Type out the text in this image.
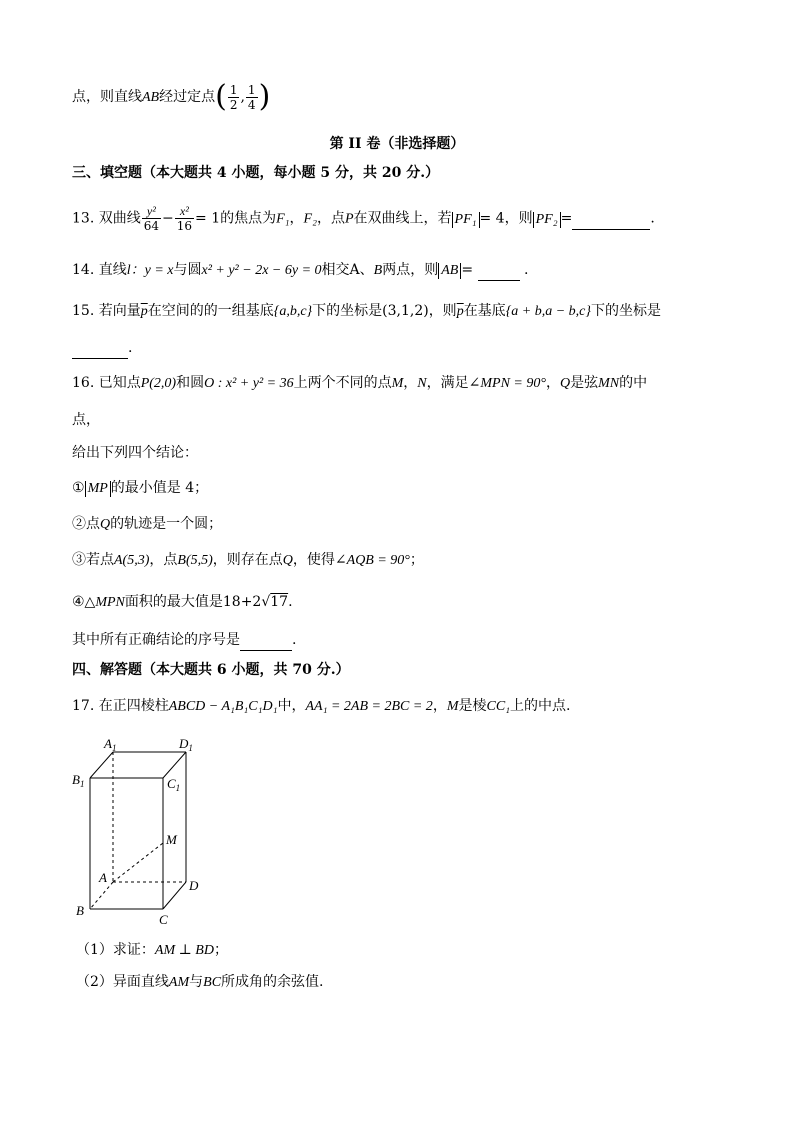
点，则直线AB经过定点( $\frac{1}{2}$ , $\frac{1}{4}$ )
第 II 卷（非选择题）
三、填空题（本大题共 4 小题，每小题 5 分，共 20 分.）
13. 双曲线 $\frac{\text{y²}}{64} - \frac{\text{x²}}{16} = 1$的焦点为F₁，F₂，点P在双曲线上，若 PF₁ = 4，则 PF₂ =	.
14. 直线l：y = x与圆x² + y² − 2x − 6y = 0相交A、B两点，则 AB =	.
15. 若向量$\overline{p}$在空间的的一组基底{a,b,c}下的坐标是(3,1,2)，则$\overline{p}$在基底{a + b,a − b,c}下的坐标是
.
16. 已知点P(2,0)和圆O : x² + y² = 36上两个不同的点M，N，满足∠MPN = 90°，Q是弦MN的中
点，
给出下列四个结论：
① MP 的最小值是 4；
②点Q的轨迹是一个圆；
③若点A(5,3)，点B(5,5)，则存在点Q，使得∠AQB = 90°；
④△MPN面积的最大值是18+2√17.
其中所有正确结论的序号是	.
四、解答题（本大题共 6 小题，共 70 分.）
17. 在正四棱柱ABCD − A₁B₁C₁D₁中，AA₁ = 2AB = 2BC = 2，M是棱CC₁上的中点.
$A_1$	$D_1$
$B_1$	$C_1$
M
A
D
B
C
（1）求证：AM ⊥ BD；
（2）异面直线AM与BC所成角的余弦值.
